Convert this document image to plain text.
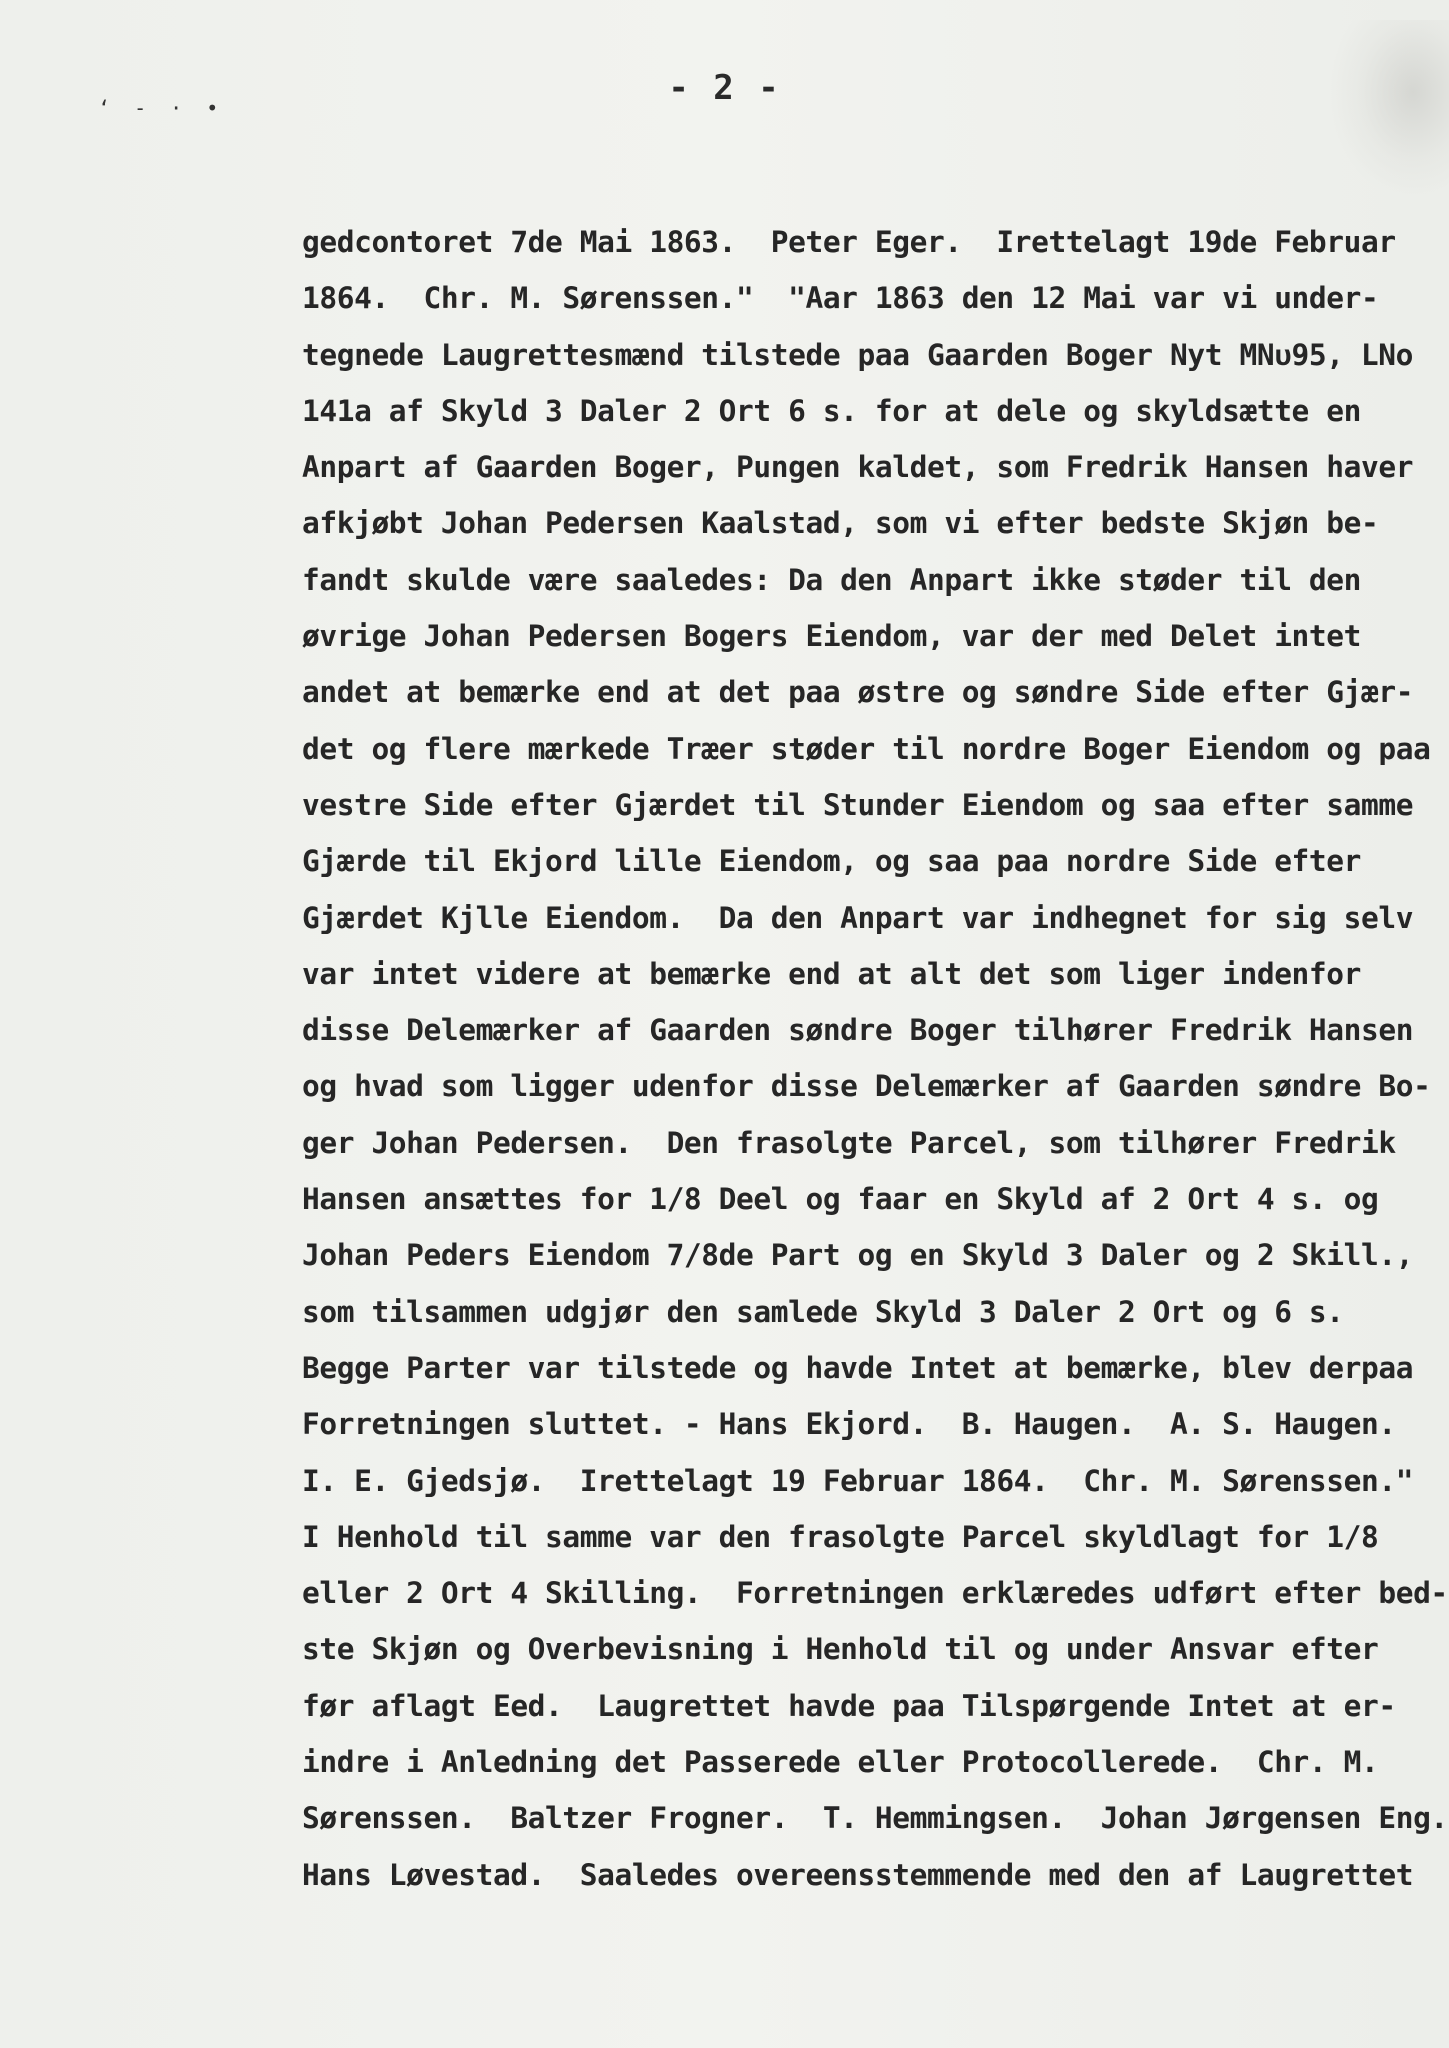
‘ - · •	- 2 -
gedcontoret 7de Mai 1863.  Peter Eger.  Irettelagt 19de Februar
1864.  Chr. M. Sørenssen."  "Aar 1863 den 12 Mai var vi under-
tegnede Laugrettesmænd tilstede paa Gaarden Boger Nyt MNᴜ95, LNo
141a af Skyld 3 Daler 2 Ort 6 s. for at dele og skyldsætte en
Anpart af Gaarden Boger, Pungen kaldet, som Fredrik Hansen haver
afkjøbt Johan Pedersen Kaalstad, som vi efter bedste Skjøn be-
fandt skulde være saaledes: Da den Anpart ikke støder til den
øvrige Johan Pedersen Bogers Eiendom, var der med Delet intet
andet at bemærke end at det paa østre og søndre Side efter Gjær-
det og flere mærkede Træer støder til nordre Boger Eiendom og paa
vestre Side efter Gjærdet til Stunder Eiendom og saa efter samme
Gjærde til Ekjord lille Eiendom, og saa paa nordre Side efter
Gjærdet Kjlle Eiendom.  Da den Anpart var indhegnet for sig selv
var intet videre at bemærke end at alt det som liger indenfor
disse Delemærker af Gaarden søndre Boger tilhører Fredrik Hansen
og hvad som ligger udenfor disse Delemærker af Gaarden søndre Bo-
ger Johan Pedersen.  Den frasolgte Parcel, som tilhører Fredrik
Hansen ansættes for 1/8 Deel og faar en Skyld af 2 Ort 4 s. og
Johan Peders Eiendom 7/8de Part og en Skyld 3 Daler og 2 Skill.,
som tilsammen udgjør den samlede Skyld 3 Daler 2 Ort og 6 s.
Begge Parter var tilstede og havde Intet at bemærke, blev derpaa
Forretningen sluttet. - Hans Ekjord.  B. Haugen.  A. S. Haugen.
I. E. Gjedsjø.  Irettelagt 19 Februar 1864.  Chr. M. Sørenssen."
I Henhold til samme var den frasolgte Parcel skyldlagt for 1/8
eller 2 Ort 4 Skilling.  Forretningen erklæredes udført efter bed-
ste Skjøn og Overbevisning i Henhold til og under Ansvar efter
før aflagt Eed.  Laugrettet havde paa Tilspørgende Intet at er-
indre i Anledning det Passerede eller Protocollerede.  Chr. M.
Sørenssen.  Baltzer Frogner.  T. Hemmingsen.  Johan Jørgensen Eng.
Hans Løvestad.  Saaledes overeensstemmende med den af Laugrettet
